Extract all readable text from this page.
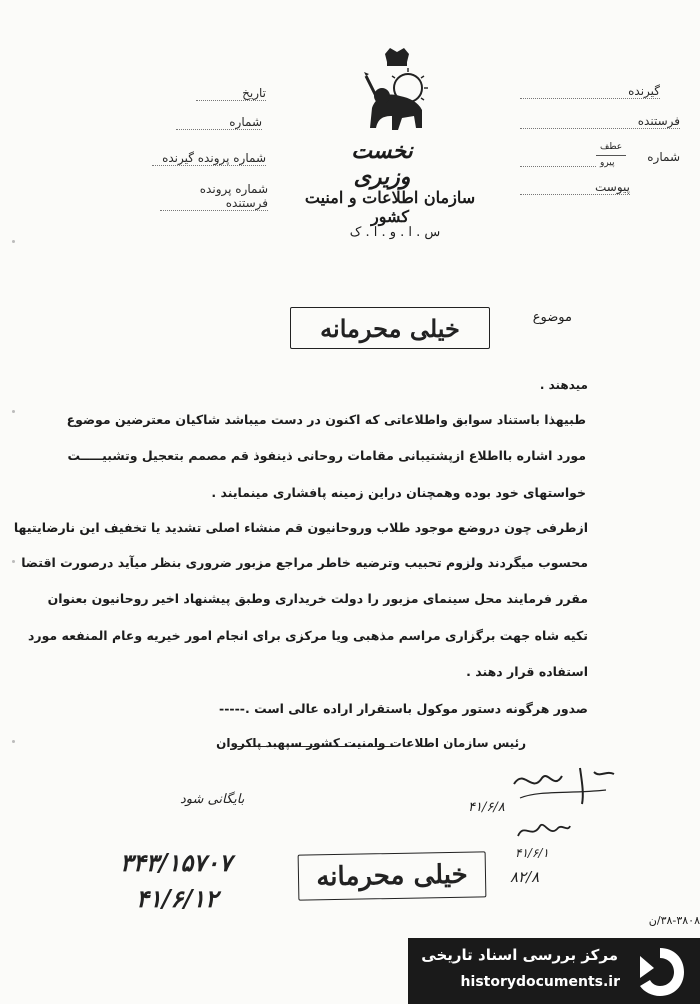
تاریخ
شماره
شماره پرونده گیرنده
شماره پرونده فرستنده
گیرنده
فرستنده
شماره
عطف
پیرو
پیوست
نخست وزیری
سازمان اطلاعات و امنیت کشور
س . ا . و . ا . ک
موضوع
خیلی محرمانه
میدهند .
طبیهذا باستناد سوابق واطلاعاتی که اکنون در دست میباشد شاکیان معترضین موضوع
مورد اشاره بااطلاع ازپشتیبانی مقامات روحانی ذینفوذ قم مصمم بتعجیل وتشبیـــــت
خواستهای خود بوده وهمچنان دراین زمینه پافشاری مینمایند .
ازطرفی چون دروضع موجود طلاب وروحانیون قم منشاء اصلی تشدید یا تخفیف این نارضایتیها
محسوب میگردند ولزوم تحبیب وترضیه خاطر مراجع مزبور ضروری بنظر میآید درصورت اقتضا
مقرر فرمایند محل سینمای مزبور را دولت خریداری وطبق پیشنهاد اخیر روحانیون بعنوان
تکیه شاه جهت برگزاری مراسم مذهبی ویا مرکزی برای انجام امور خیریه وعام المنفعه مورد
استفاده قرار دهند .
صدور هرگونه دستور موکول باستقرار اراده عالی است .-----
رئیس سازمان اطلاعات وامنیت کشور سپهبد پاکروان
بایگانی شود
۴۱/۶/۸
۴۱/۶/۱
۳۴۳/۱۵۷۰۷
۴۱/۶/۱۲
خیلی محرمانه	۸۲/۸
۳۸-۳۸۰۸/ن
مرکز بررسی اسناد تاریخی
historydocuments.ir
